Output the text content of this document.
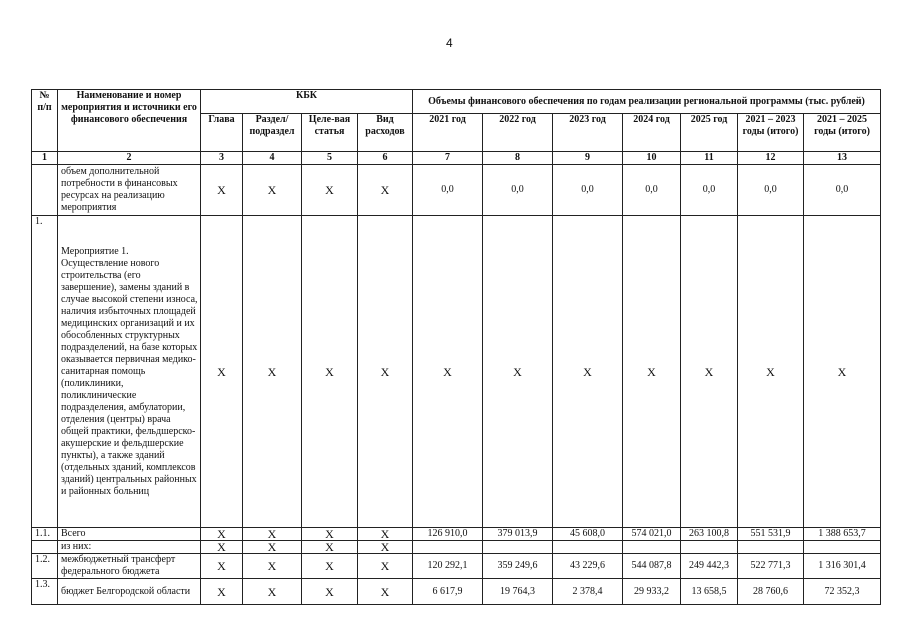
4
№ п/п	Наименование и номер мероприятия и источники его финансового обеспечения	КБК				Объемы финансового обеспечения по годам реализации региональной программы (тыс. рублей)						
		Глава	Раздел/ подраздел	Целе-вая статья	Вид расходов	2021 год	2022 год	2023 год	2024 год	2025 год	2021 – 2023 годы (итого)	2021 – 2025 годы (итого)
1	2	3	4	5	6	7	8	9	10	11	12	13
	объем дополнительной потребности в финансовых ресурсах на реализацию мероприятия	Х	Х	Х	Х	0,0	0,0	0,0	0,0	0,0	0,0	0,0
1.	Мероприятие 1. Осуществление нового строительства (его завершение), замены зданий в случае высокой степени износа, наличия избыточных площадей медицинских организаций и их обособленных структурных подразделений, на базе которых оказывается первичная медико-санитарная помощь (поликлиники, поликлинические подразделения, амбулатории, отделения (центры) врача общей практики, фельдшерско-акушерские и фельдшерские пункты), а также зданий (отдельных зданий, комплексов зданий) центральных районных и районных больниц	Х	Х	Х	Х	Х	Х	Х	Х	Х	Х	Х
1.1.	Всего	Х	Х	Х	Х	126 910,0	379 013,9	45 608,0	574 021,0	263 100,8	551 531,9	1 388 653,7
	из них:	Х	Х	Х	Х							
1.2.	межбюджетный трансферт федерального бюджета	Х	Х	Х	Х	120 292,1	359 249,6	43 229,6	544 087,8	249 442,3	522 771,3	1 316 301,4
1.3.	бюджет Белгородской области	Х	Х	Х	Х	6 617,9	19 764,3	2 378,4	29 933,2	13 658,5	28 760,6	72 352,3
